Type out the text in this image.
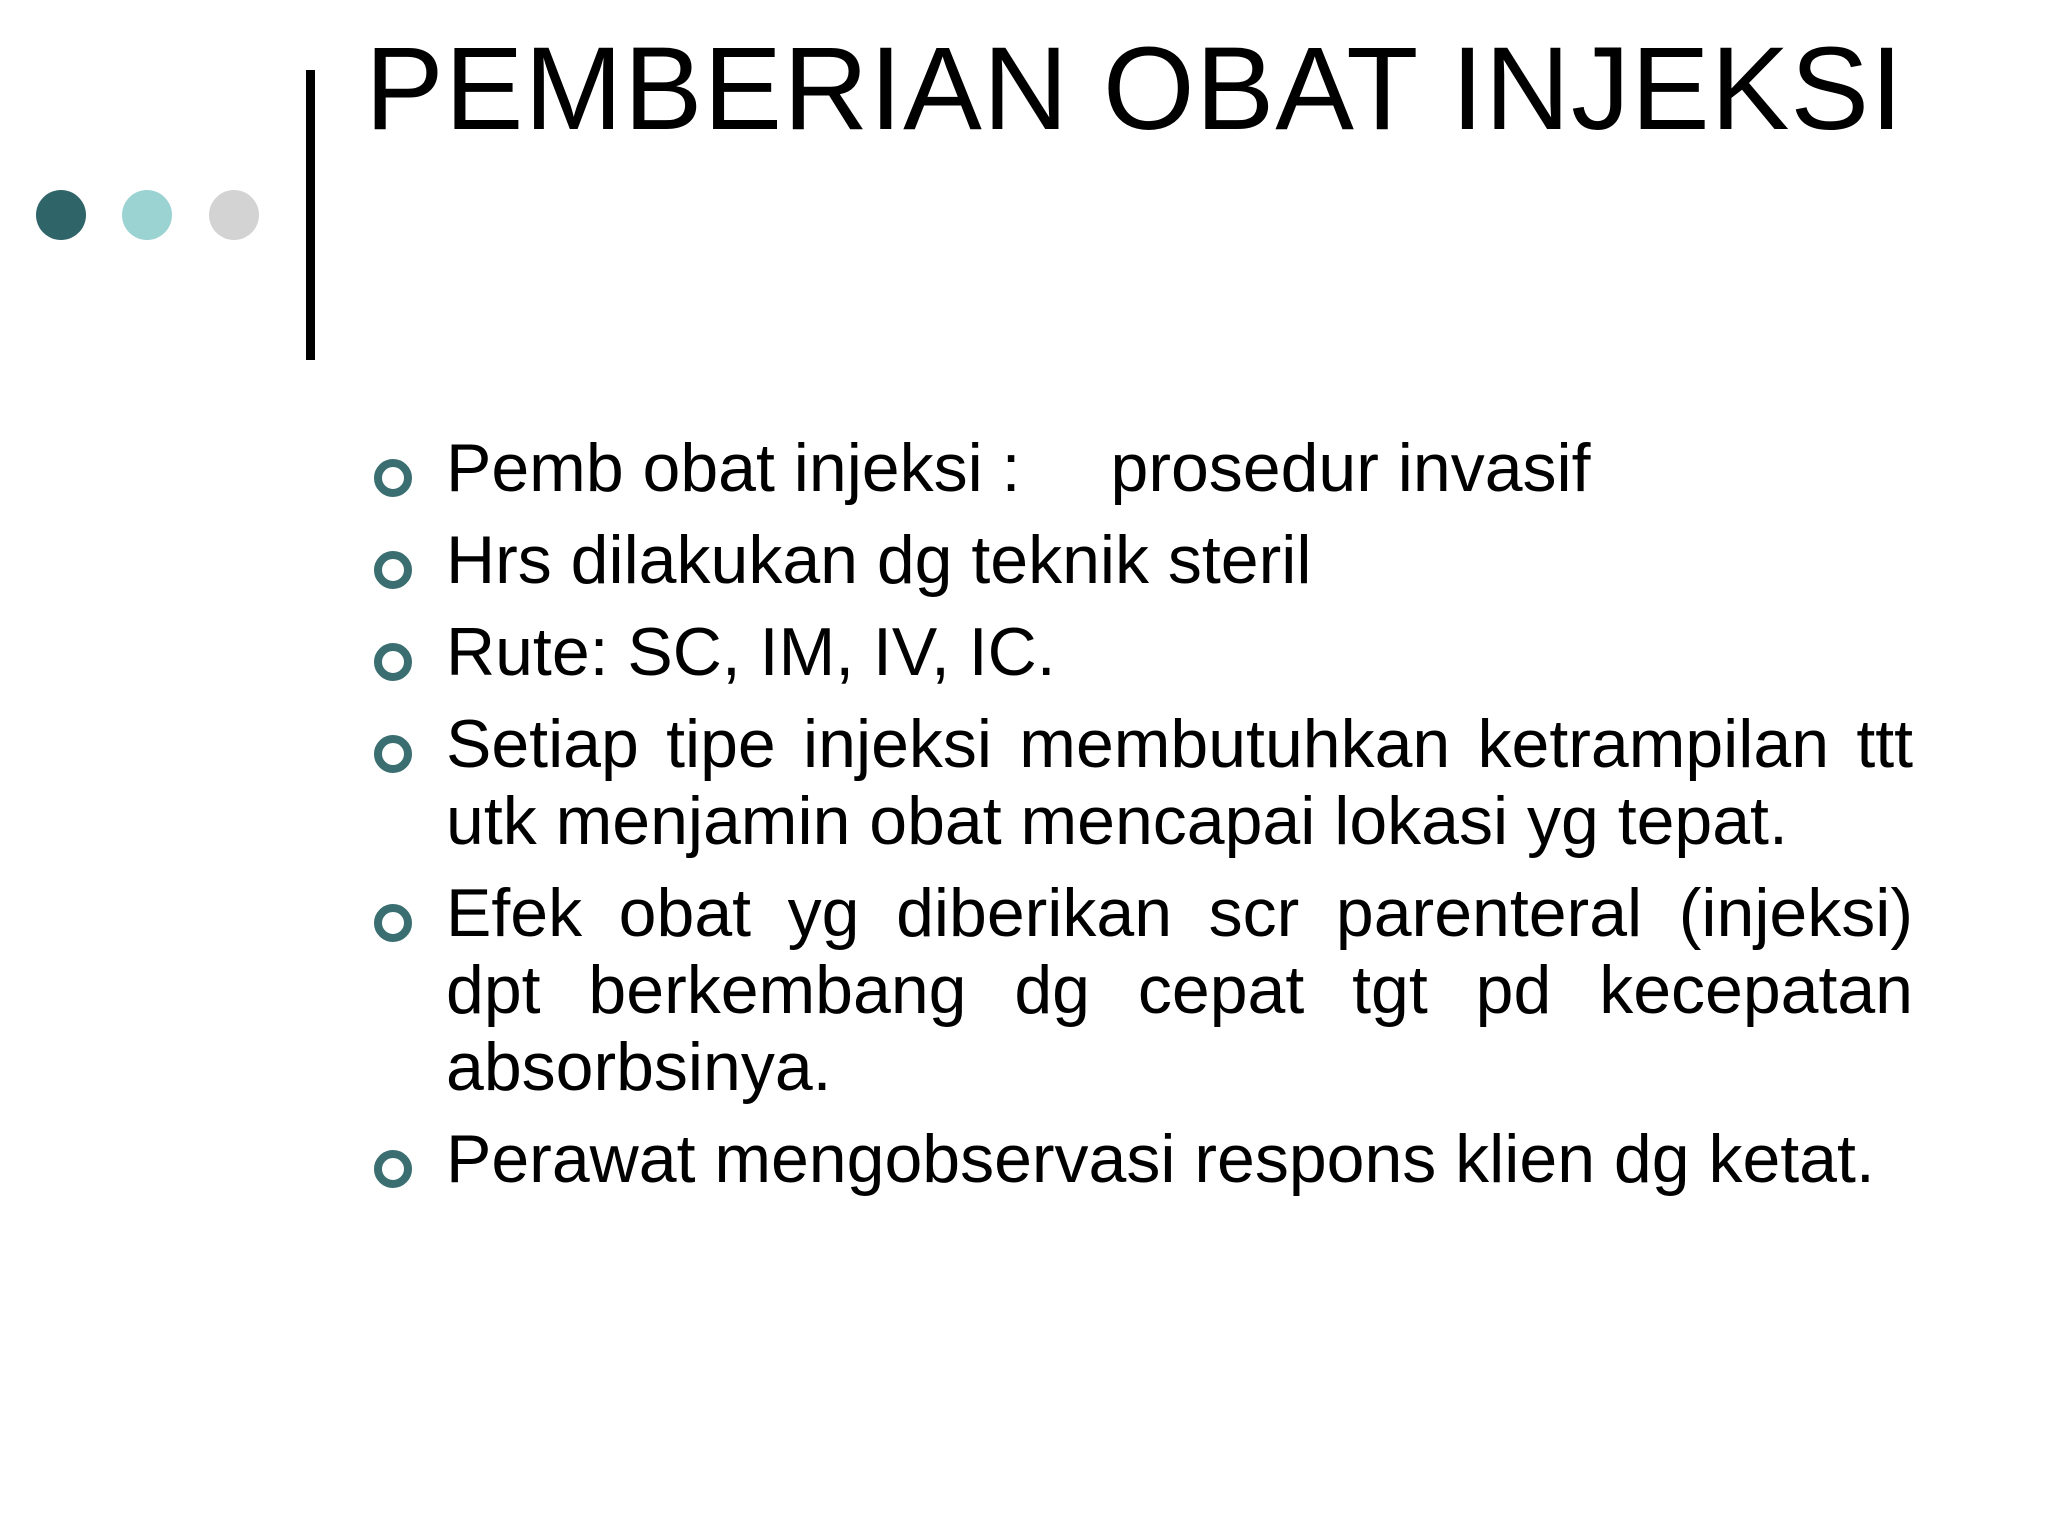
PEMBERIAN OBAT INJEKSI
Pemb obat injeksi : prosedur invasif
Hrs dilakukan dg teknik steril
Rute: SC, IM, IV, IC.
Setiap tipe injeksi membutuhkan ketrampilan ttt utk menjamin obat mencapai lokasi yg tepat.
Efek obat yg diberikan scr parenteral (injeksi) dpt berkembang dg cepat tgt pd kecepatan absorbsinya.
Perawat mengobservasi respons klien dg ketat.
